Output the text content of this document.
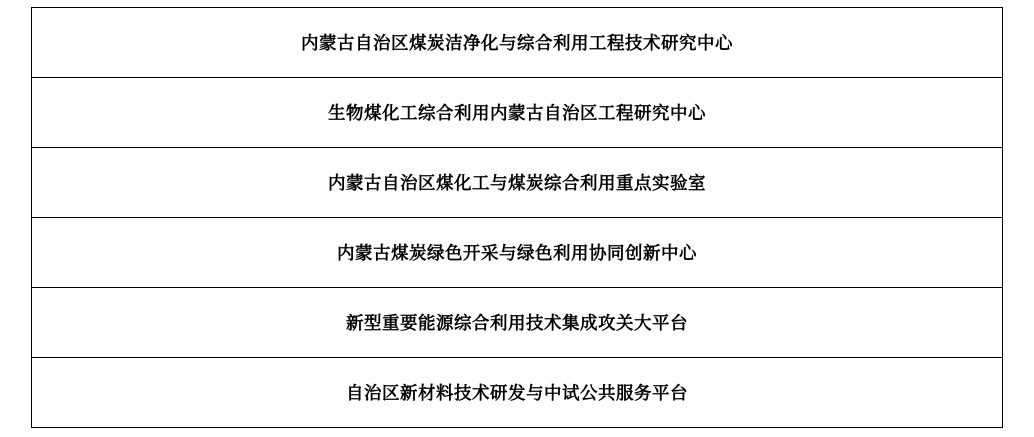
内蒙古自治区煤炭洁净化与综合利用工程技术研究中心
生物煤化工综合利用内蒙古自治区工程研究中心
内蒙古自治区煤化工与煤炭综合利用重点实验室
内蒙古煤炭绿色开采与绿色利用协同创新中心
新型重要能源综合利用技术集成攻关大平台
自治区新材料技术研发与中试公共服务平台
